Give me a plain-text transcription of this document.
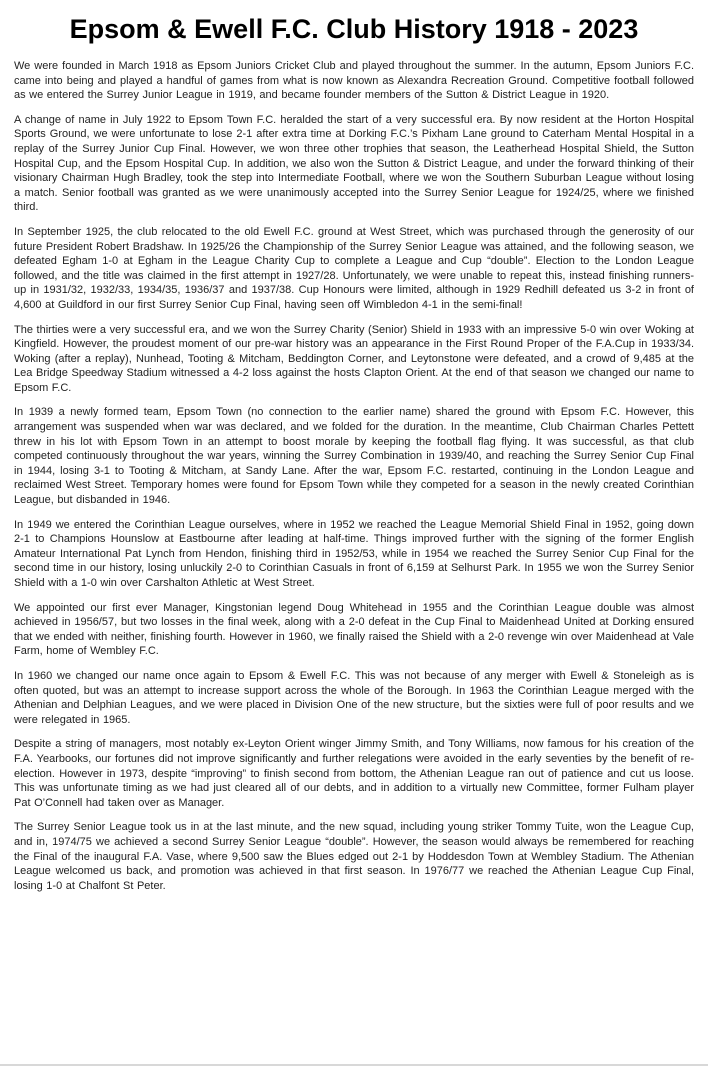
Epsom & Ewell F.C. Club History 1918 - 2023

We were founded in March 1918 as Epsom Juniors Cricket Club and played throughout the summer. In the autumn, Epsom Juniors F.C. came into being and played a handful of games from what is now known as Alexandra Recreation Ground. Competitive football followed as we entered the Surrey Junior League in 1919, and became founder members of the Sutton & District League in 1920.

A change of name in July 1922 to Epsom Town F.C. heralded the start of a very successful era. By now resident at the Horton Hospital Sports Ground, we were unfortunate to lose 2-1 after extra time at Dorking F.C.’s Pixham Lane ground to Caterham Mental Hospital in a replay of the Surrey Junior Cup Final. However, we won three other trophies that season, the Leatherhead Hospital Shield, the Sutton Hospital Cup, and the Epsom Hospital Cup. In addition, we also won the Sutton & District League, and under the forward thinking of their visionary Chairman Hugh Bradley, took the step into Intermediate Football, where we won the Southern Suburban League without losing a match. Senior football was granted as we were unanimously accepted into the Surrey Senior League for 1924/25, where we finished third.

In September 1925, the club relocated to the old Ewell F.C. ground at West Street, which was purchased through the generosity of our future President Robert Bradshaw. In 1925/26 the Championship of the Surrey Senior League was attained, and the following season, we defeated Egham 1-0 at Egham in the League Charity Cup to complete a League and Cup “double”. Election to the London League followed, and the title was claimed in the first attempt in 1927/28. Unfortunately, we were unable to repeat this, instead finishing runners-up in 1931/32, 1932/33, 1934/35, 1936/37 and 1937/38. Cup Honours were limited, although in 1929 Redhill defeated us 3-2 in front of 4,600 at Guildford in our first Surrey Senior Cup Final, having seen off Wimbledon 4-1 in the semi-final!

The thirties were a very successful era, and we won the Surrey Charity (Senior) Shield in 1933 with an impressive 5-0 win over Woking at Kingfield. However, the proudest moment of our pre-war history was an appearance in the First Round Proper of the F.A.Cup in 1933/34. Woking (after a replay), Nunhead, Tooting & Mitcham, Beddington Corner, and Leytonstone were defeated, and a crowd of 9,485 at the Lea Bridge Speedway Stadium witnessed a 4-2 loss against the hosts Clapton Orient. At the end of that season we changed our name to Epsom F.C.

In 1939 a newly formed team, Epsom Town (no connection to the earlier name) shared the ground with Epsom F.C. However, this arrangement was suspended when war was declared, and we folded for the duration. In the meantime, Club Chairman Charles Pettett threw in his lot with Epsom Town in an attempt to boost morale by keeping the football flag flying. It was successful, as that club competed continuously throughout the war years, winning the Surrey Combination in 1939/40, and reaching the Surrey Senior Cup Final in 1944, losing 3-1 to Tooting & Mitcham, at Sandy Lane. After the war, Epsom F.C. restarted, continuing in the London League and reclaimed West Street. Temporary homes were found for Epsom Town while they competed for a season in the newly created Corinthian League, but disbanded in 1946.

In 1949 we entered the Corinthian League ourselves, where in 1952 we reached the League Memorial Shield Final in 1952, going down 2-1 to Champions Hounslow at Eastbourne after leading at half-time. Things improved further with the signing of the former English Amateur International Pat Lynch from Hendon, finishing third in 1952/53, while in 1954 we reached the Surrey Senior Cup Final for the second time in our history, losing unluckily 2-0 to Corinthian Casuals in front of 6,159 at Selhurst Park. In 1955 we won the Surrey Senior Shield with a 1-0 win over Carshalton Athletic at West Street.

We appointed our first ever Manager, Kingstonian legend Doug Whitehead in 1955 and the Corinthian League double was almost achieved in 1956/57, but two losses in the final week, along with a 2-0 defeat in the Cup Final to Maidenhead United at Dorking ensured that we ended with neither, finishing fourth. However in 1960, we finally raised the Shield with a 2-0 revenge win over Maidenhead at Vale Farm, home of Wembley F.C.

In 1960 we changed our name once again to Epsom & Ewell F.C. This was not because of any merger with Ewell & Stoneleigh as is often quoted, but was an attempt to increase support across the whole of the Borough. In 1963 the Corinthian League merged with the Athenian and Delphian Leagues, and we were placed in Division One of the new structure, but the sixties were full of poor results and we were relegated in 1965.

Despite a string of managers, most notably ex-Leyton Orient winger Jimmy Smith, and Tony Williams, now famous for his creation of the F.A. Yearbooks, our fortunes did not improve significantly and further relegations were avoided in the early seventies by the benefit of re-election. However in 1973, despite “improving” to finish second from bottom, the Athenian League ran out of patience and cut us loose. This was unfortunate timing as we had just cleared all of our debts, and in addition to a virtually new Committee, former Fulham player Pat O’Connell had taken over as Manager.

The Surrey Senior League took us in at the last minute, and the new squad, including young striker Tommy Tuite, won the League Cup, and in, 1974/75 we achieved a second Surrey Senior League “double”. However, the season would always be remembered for reaching the Final of the inaugural F.A. Vase, where 9,500 saw the Blues edged out 2-1 by Hoddesdon Town at Wembley Stadium. The Athenian League welcomed us back, and promotion was achieved in that first season. In 1976/77 we reached the Athenian League Cup Final, losing 1-0 at Chalfont St Peter.
